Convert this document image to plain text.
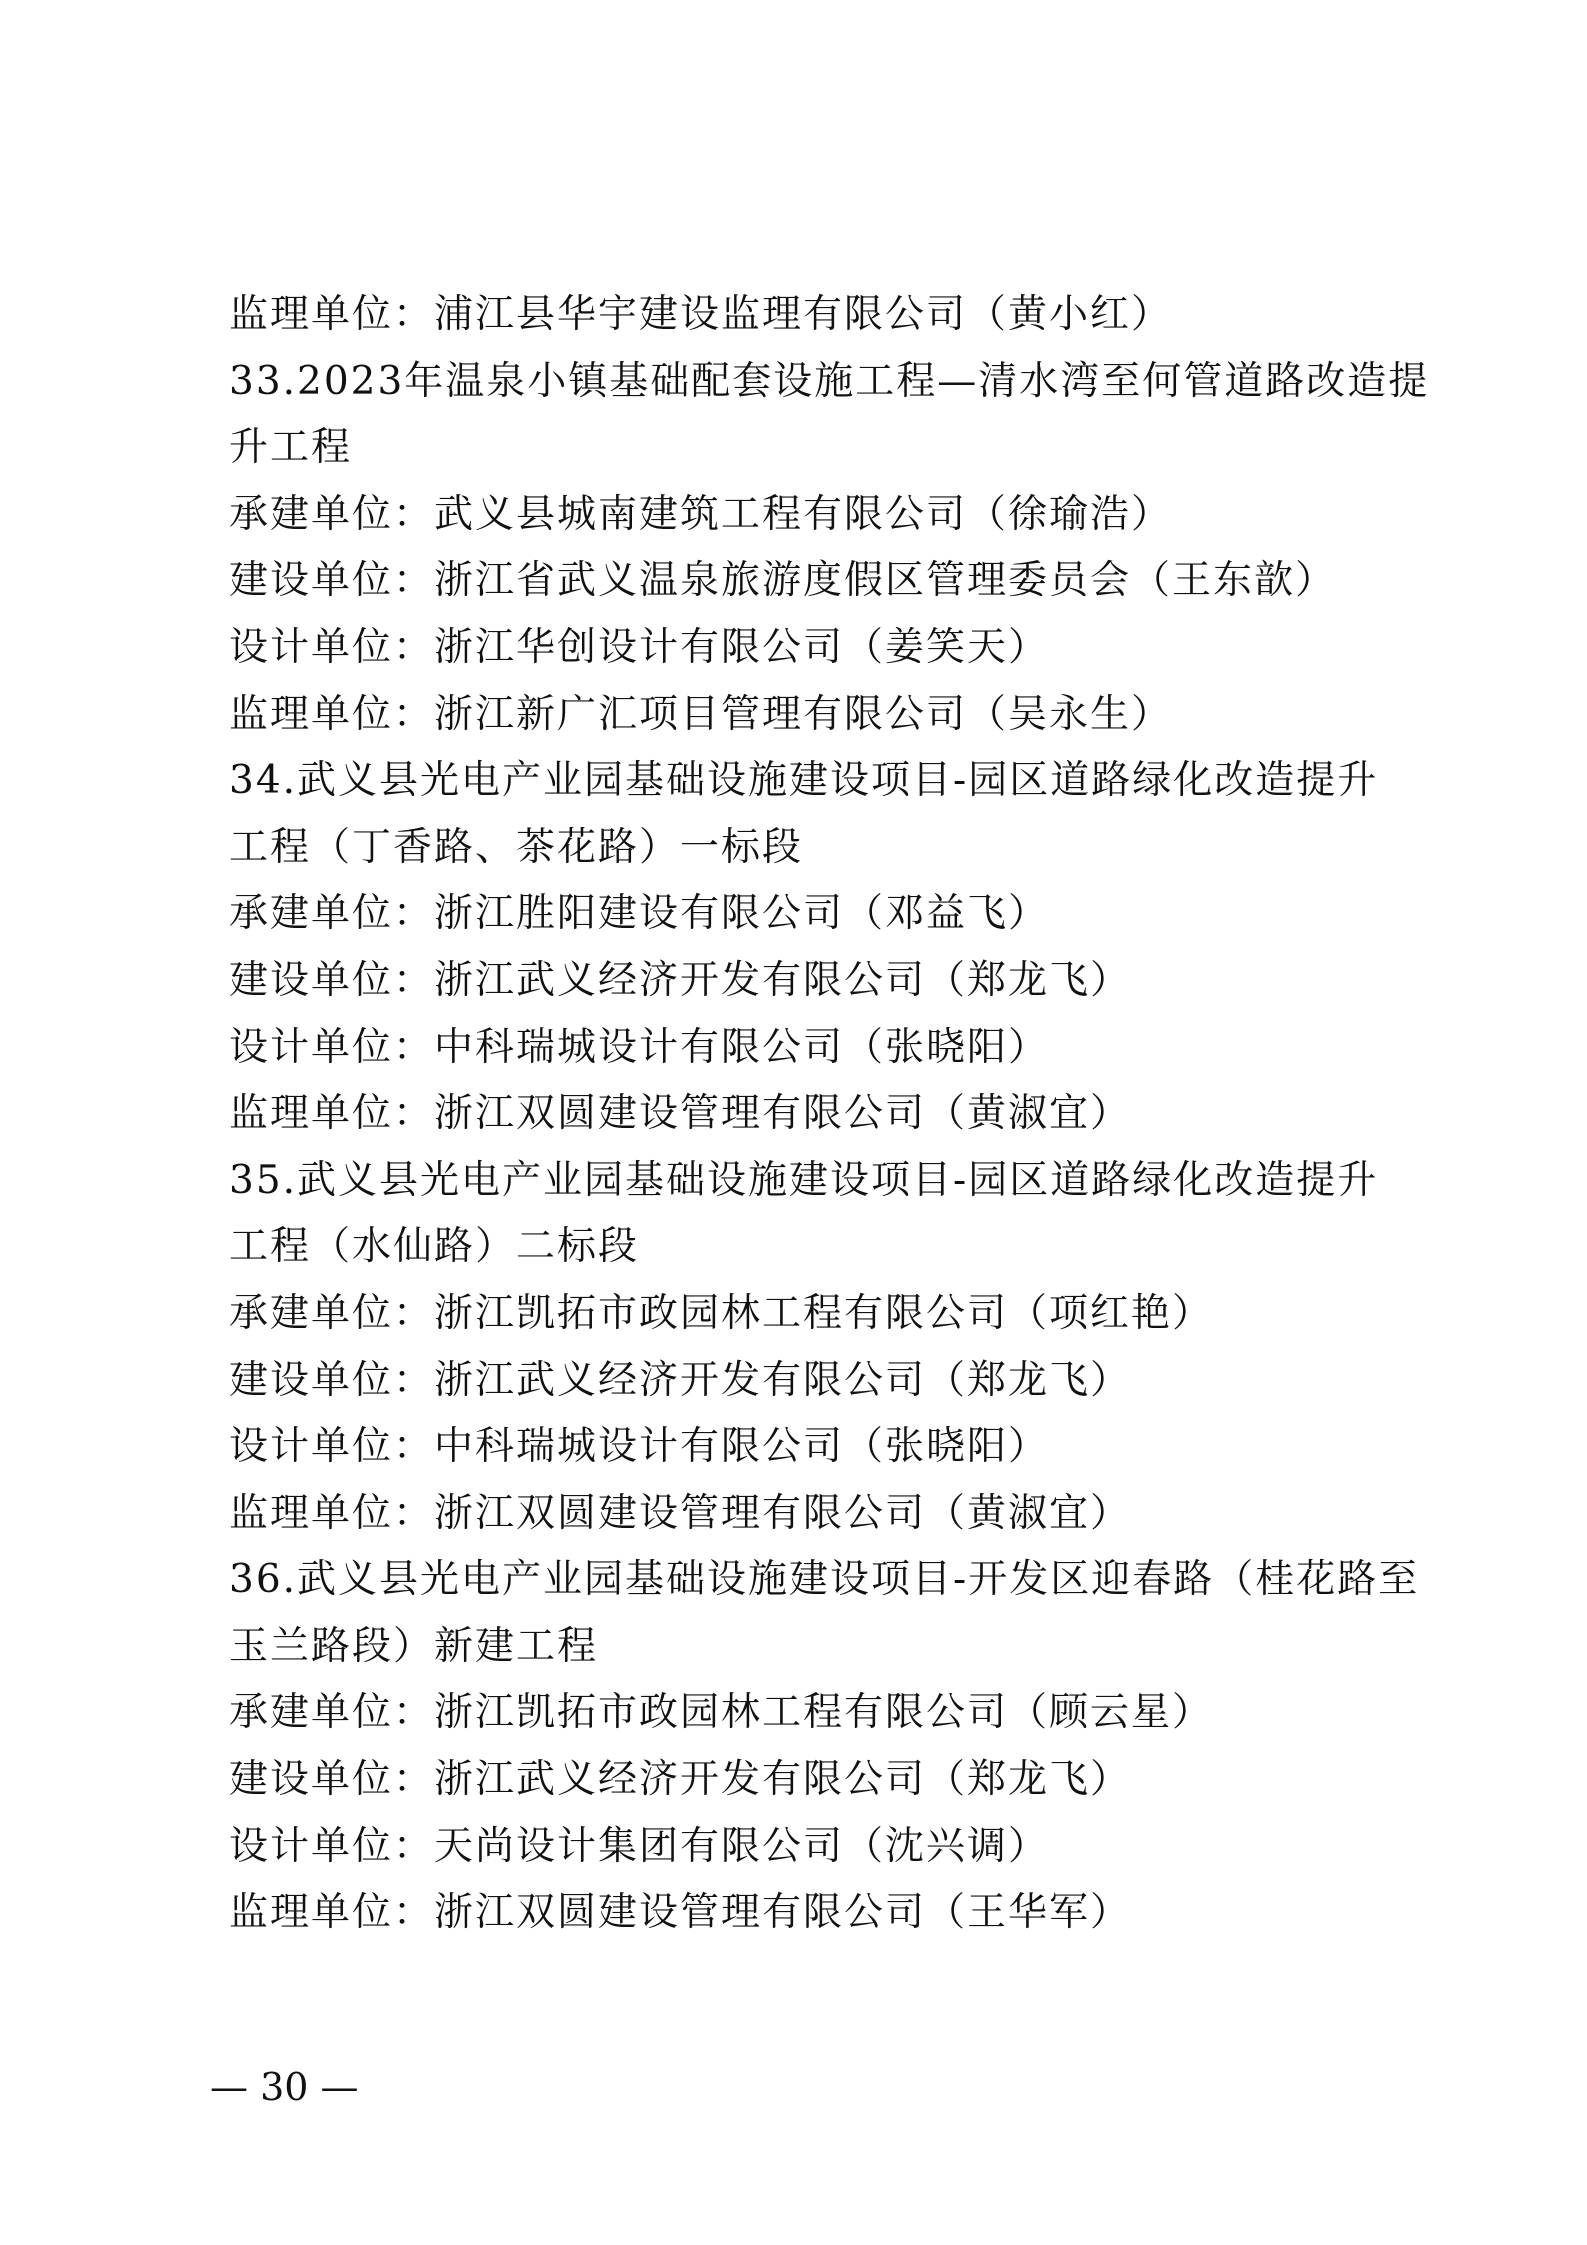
监理单位：浦江县华宇建设监理有限公司（黄小红）
33.2023年温泉小镇基础配套设施工程—清水湾至何管道路改造提
升工程
承建单位：武义县城南建筑工程有限公司（徐瑜浩）
建设单位：浙江省武义温泉旅游度假区管理委员会（王东歆）
设计单位：浙江华创设计有限公司（姜笑天）
监理单位：浙江新广汇项目管理有限公司（吴永生）
34.武义县光电产业园基础设施建设项目-园区道路绿化改造提升
工程（丁香路、茶花路）一标段
承建单位：浙江胜阳建设有限公司（邓益飞）
建设单位：浙江武义经济开发有限公司（郑龙飞）
设计单位：中科瑞城设计有限公司（张晓阳）
监理单位：浙江双圆建设管理有限公司（黄淑宜）
35.武义县光电产业园基础设施建设项目-园区道路绿化改造提升
工程（水仙路）二标段
承建单位：浙江凯拓市政园林工程有限公司（项红艳）
建设单位：浙江武义经济开发有限公司（郑龙飞）
设计单位：中科瑞城设计有限公司（张晓阳）
监理单位：浙江双圆建设管理有限公司（黄淑宜）
36.武义县光电产业园基础设施建设项目-开发区迎春路（桂花路至
玉兰路段）新建工程
承建单位：浙江凯拓市政园林工程有限公司（顾云星）
建设单位：浙江武义经济开发有限公司（郑龙飞）
设计单位：天尚设计集团有限公司（沈兴调）
监理单位：浙江双圆建设管理有限公司（王华军）
— 30 —
